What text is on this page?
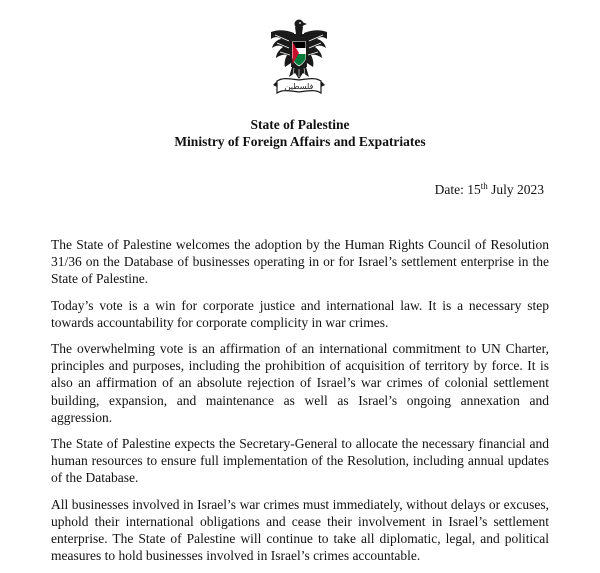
فلسطين
State of Palestine
Ministry of Foreign Affairs and Expatriates
Date: 15th July 2023

The State of Palestine welcomes the adoption by the Human Rights Council of Resolution 31/36 on the Database of businesses operating in or for Israel’s settlement enterprise in the State of Palestine.

Today’s vote is a win for corporate justice and international law. It is a necessary step towards accountability for corporate complicity in war crimes.

The overwhelming vote is an affirmation of an international commitment to UN Charter, principles and purposes, including the prohibition of acquisition of territory by force. It is also an affirmation of an absolute rejection of Israel’s war crimes of colonial settlement building, expansion, and maintenance as well as Israel’s ongoing annexation and aggression.

The State of Palestine expects the Secretary-General to allocate the necessary financial and human resources to ensure full implementation of the Resolution, including annual updates of the Database.

All businesses involved in Israel’s war crimes must immediately, without delays or excuses, uphold their international obligations and cease their involvement in Israel’s settlement enterprise. The State of Palestine will continue to take all diplomatic, legal, and political measures to hold businesses involved in Israel’s crimes accountable.
